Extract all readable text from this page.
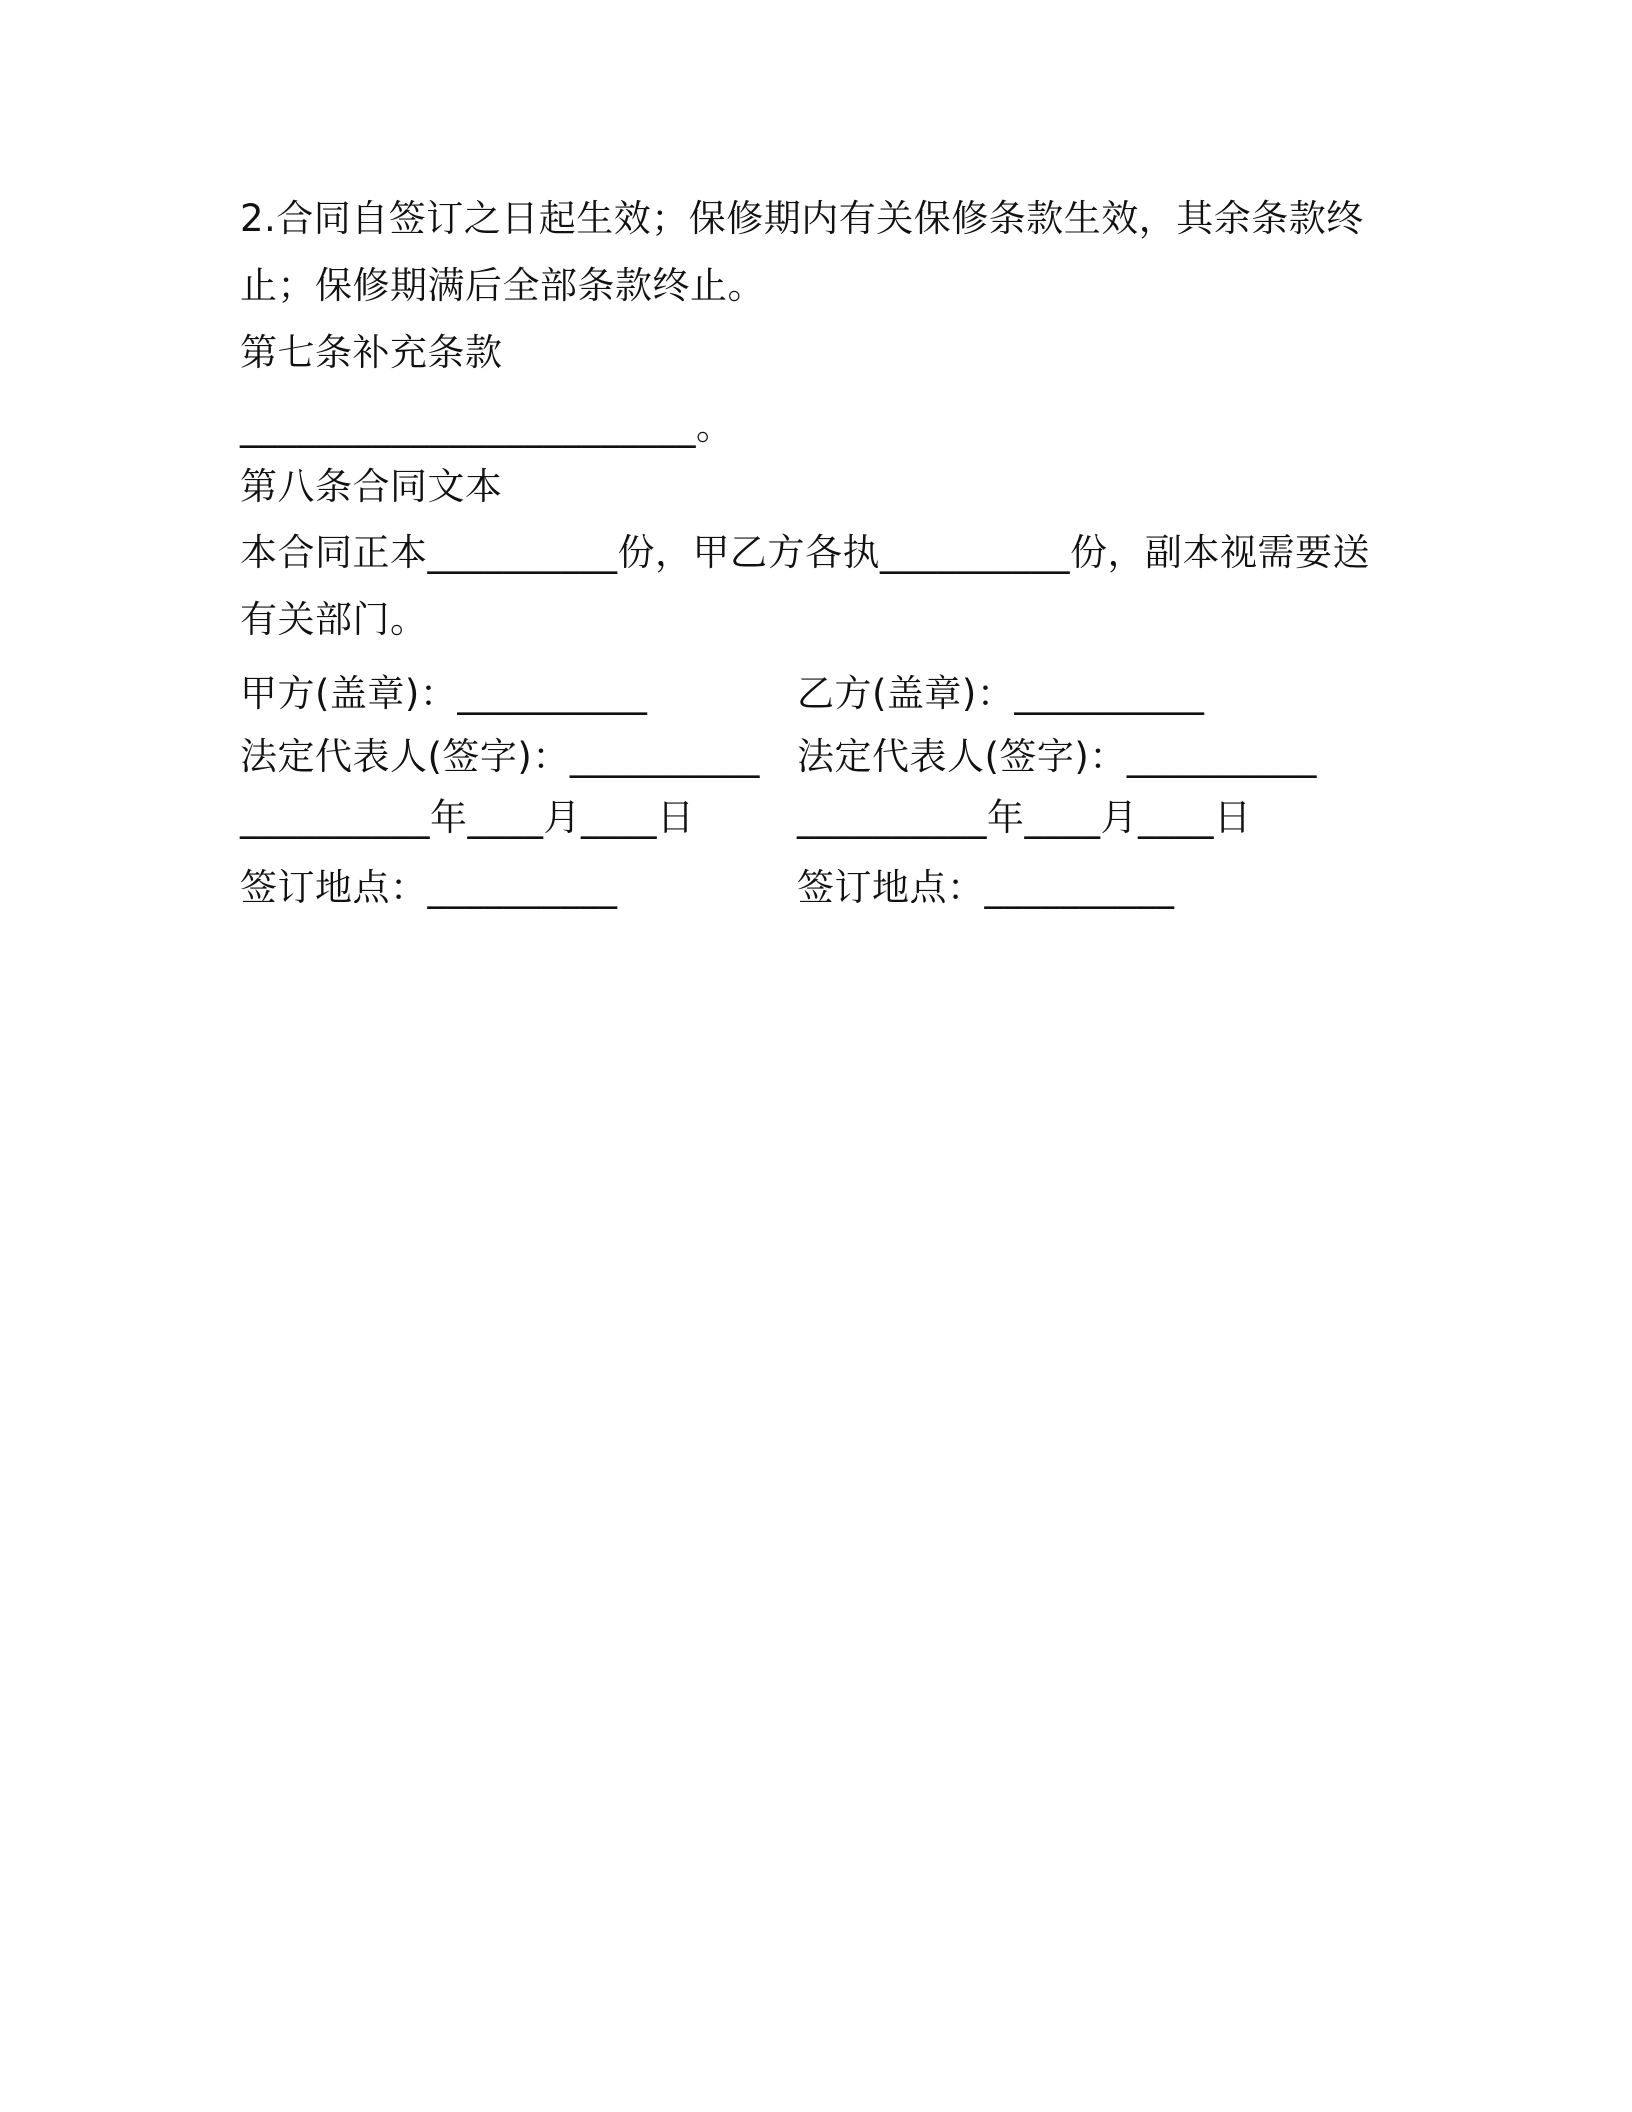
2.合同自签订之日起生效；保修期内有关保修条款生效，其余条款终
止；保修期满后全部条款终止。
第七条补充条款
________________________。
第八条合同文本
本合同正本__________份，甲乙方各执__________份，副本视需要送
有关部门。
甲方(盖章)：__________	乙方(盖章)：__________
法定代表人(签字)：__________ 法定代表人(签字)：__________
__________年____月____日	__________年____月____日
签订地点：__________	签订地点：__________
